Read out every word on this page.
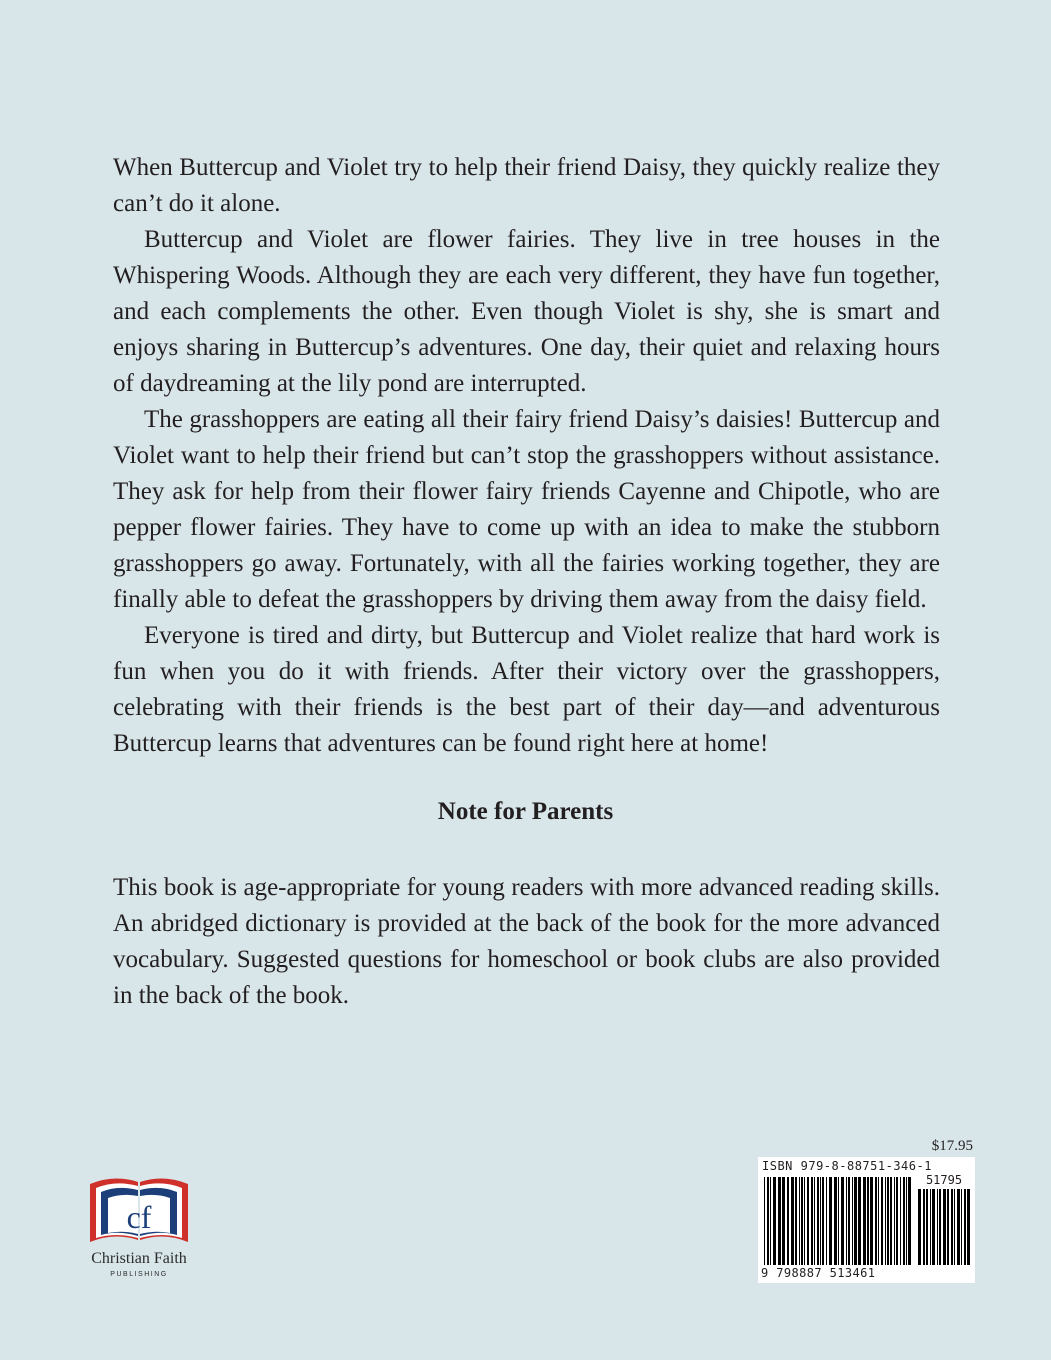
When Buttercup and Violet try to help their friend Daisy, they quickly realize they can’t do it alone.

Buttercup and Violet are flower fairies. They live in tree houses in the Whispering Woods. Although they are each very different, they have fun together, and each complements the other. Even though Violet is shy, she is smart and enjoys sharing in Buttercup’s adventures. One day, their quiet and relaxing hours of daydreaming at the lily pond are interrupted.

The grasshoppers are eating all their fairy friend Daisy’s daisies! Buttercup and Violet want to help their friend but can’t stop the grasshoppers without assistance. They ask for help from their flower fairy friends Cayenne and Chipotle, who are pepper flower fairies. They have to come up with an idea to make the stubborn grasshoppers go away. Fortunately, with all the fairies working together, they are finally able to defeat the grasshoppers by driving them away from the daisy field.

Everyone is tired and dirty, but Buttercup and Violet realize that hard work is fun when you do it with friends. After their victory over the grasshoppers, celebrating with their friends is the best part of their day—and adventurous Buttercup learns that adventures can be found right here at home!

Note for Parents

This book is age-appropriate for young readers with more advanced reading skills. An abridged dictionary is provided at the back of the book for the more advanced vocabulary. Suggested questions for homeschool or book clubs are also provided in the back of the book.

cf
Christian Faith
PUBLISHING
$17.95
ISBN 979-8-88751-346-1
51795
9 798887 513461
